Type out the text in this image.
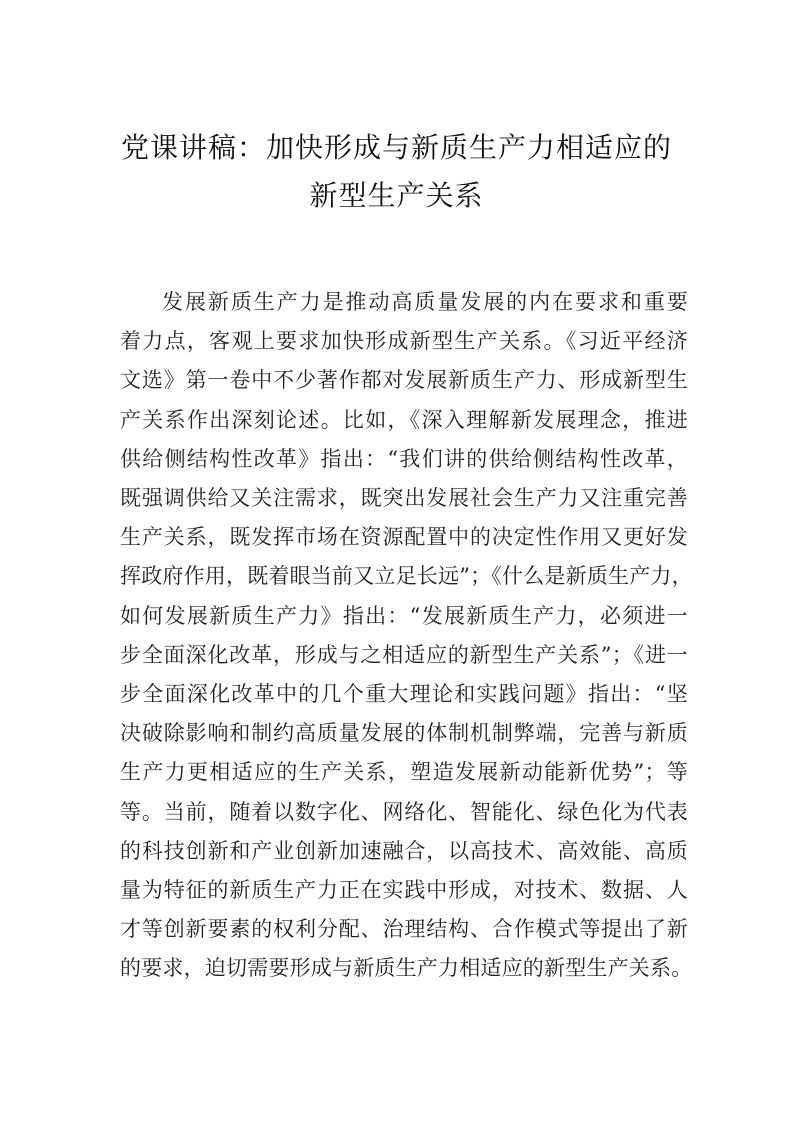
党课讲稿：加快形成与新质生产力相适应的
新型生产关系
发展新质生产力是推动高质量发展的内在要求和重要
着力点，客观上要求加快形成新型生产关系。《习近平经济
文选》第一卷中不少著作都对发展新质生产力、形成新型生
产关系作出深刻论述。比如，《深入理解新发展理念，推进
供给侧结构性改革》指出：“我们讲的供给侧结构性改革，
既强调供给又关注需求，既突出发展社会生产力又注重完善
生产关系，既发挥市场在资源配置中的决定性作用又更好发
挥政府作用，既着眼当前又立足长远”；《什么是新质生产力，
如何发展新质生产力》指出：“发展新质生产力，必须进一
步全面深化改革，形成与之相适应的新型生产关系”；《进一
步全面深化改革中的几个重大理论和实践问题》指出：“坚
决破除影响和制约高质量发展的体制机制弊端，完善与新质
生产力更相适应的生产关系，塑造发展新动能新优势”；等
等。当前，随着以数字化、网络化、智能化、绿色化为代表
的科技创新和产业创新加速融合，以高技术、高效能、高质
量为特征的新质生产力正在实践中形成，对技术、数据、人
才等创新要素的权利分配、治理结构、合作模式等提出了新
的要求，迫切需要形成与新质生产力相适应的新型生产关系。
